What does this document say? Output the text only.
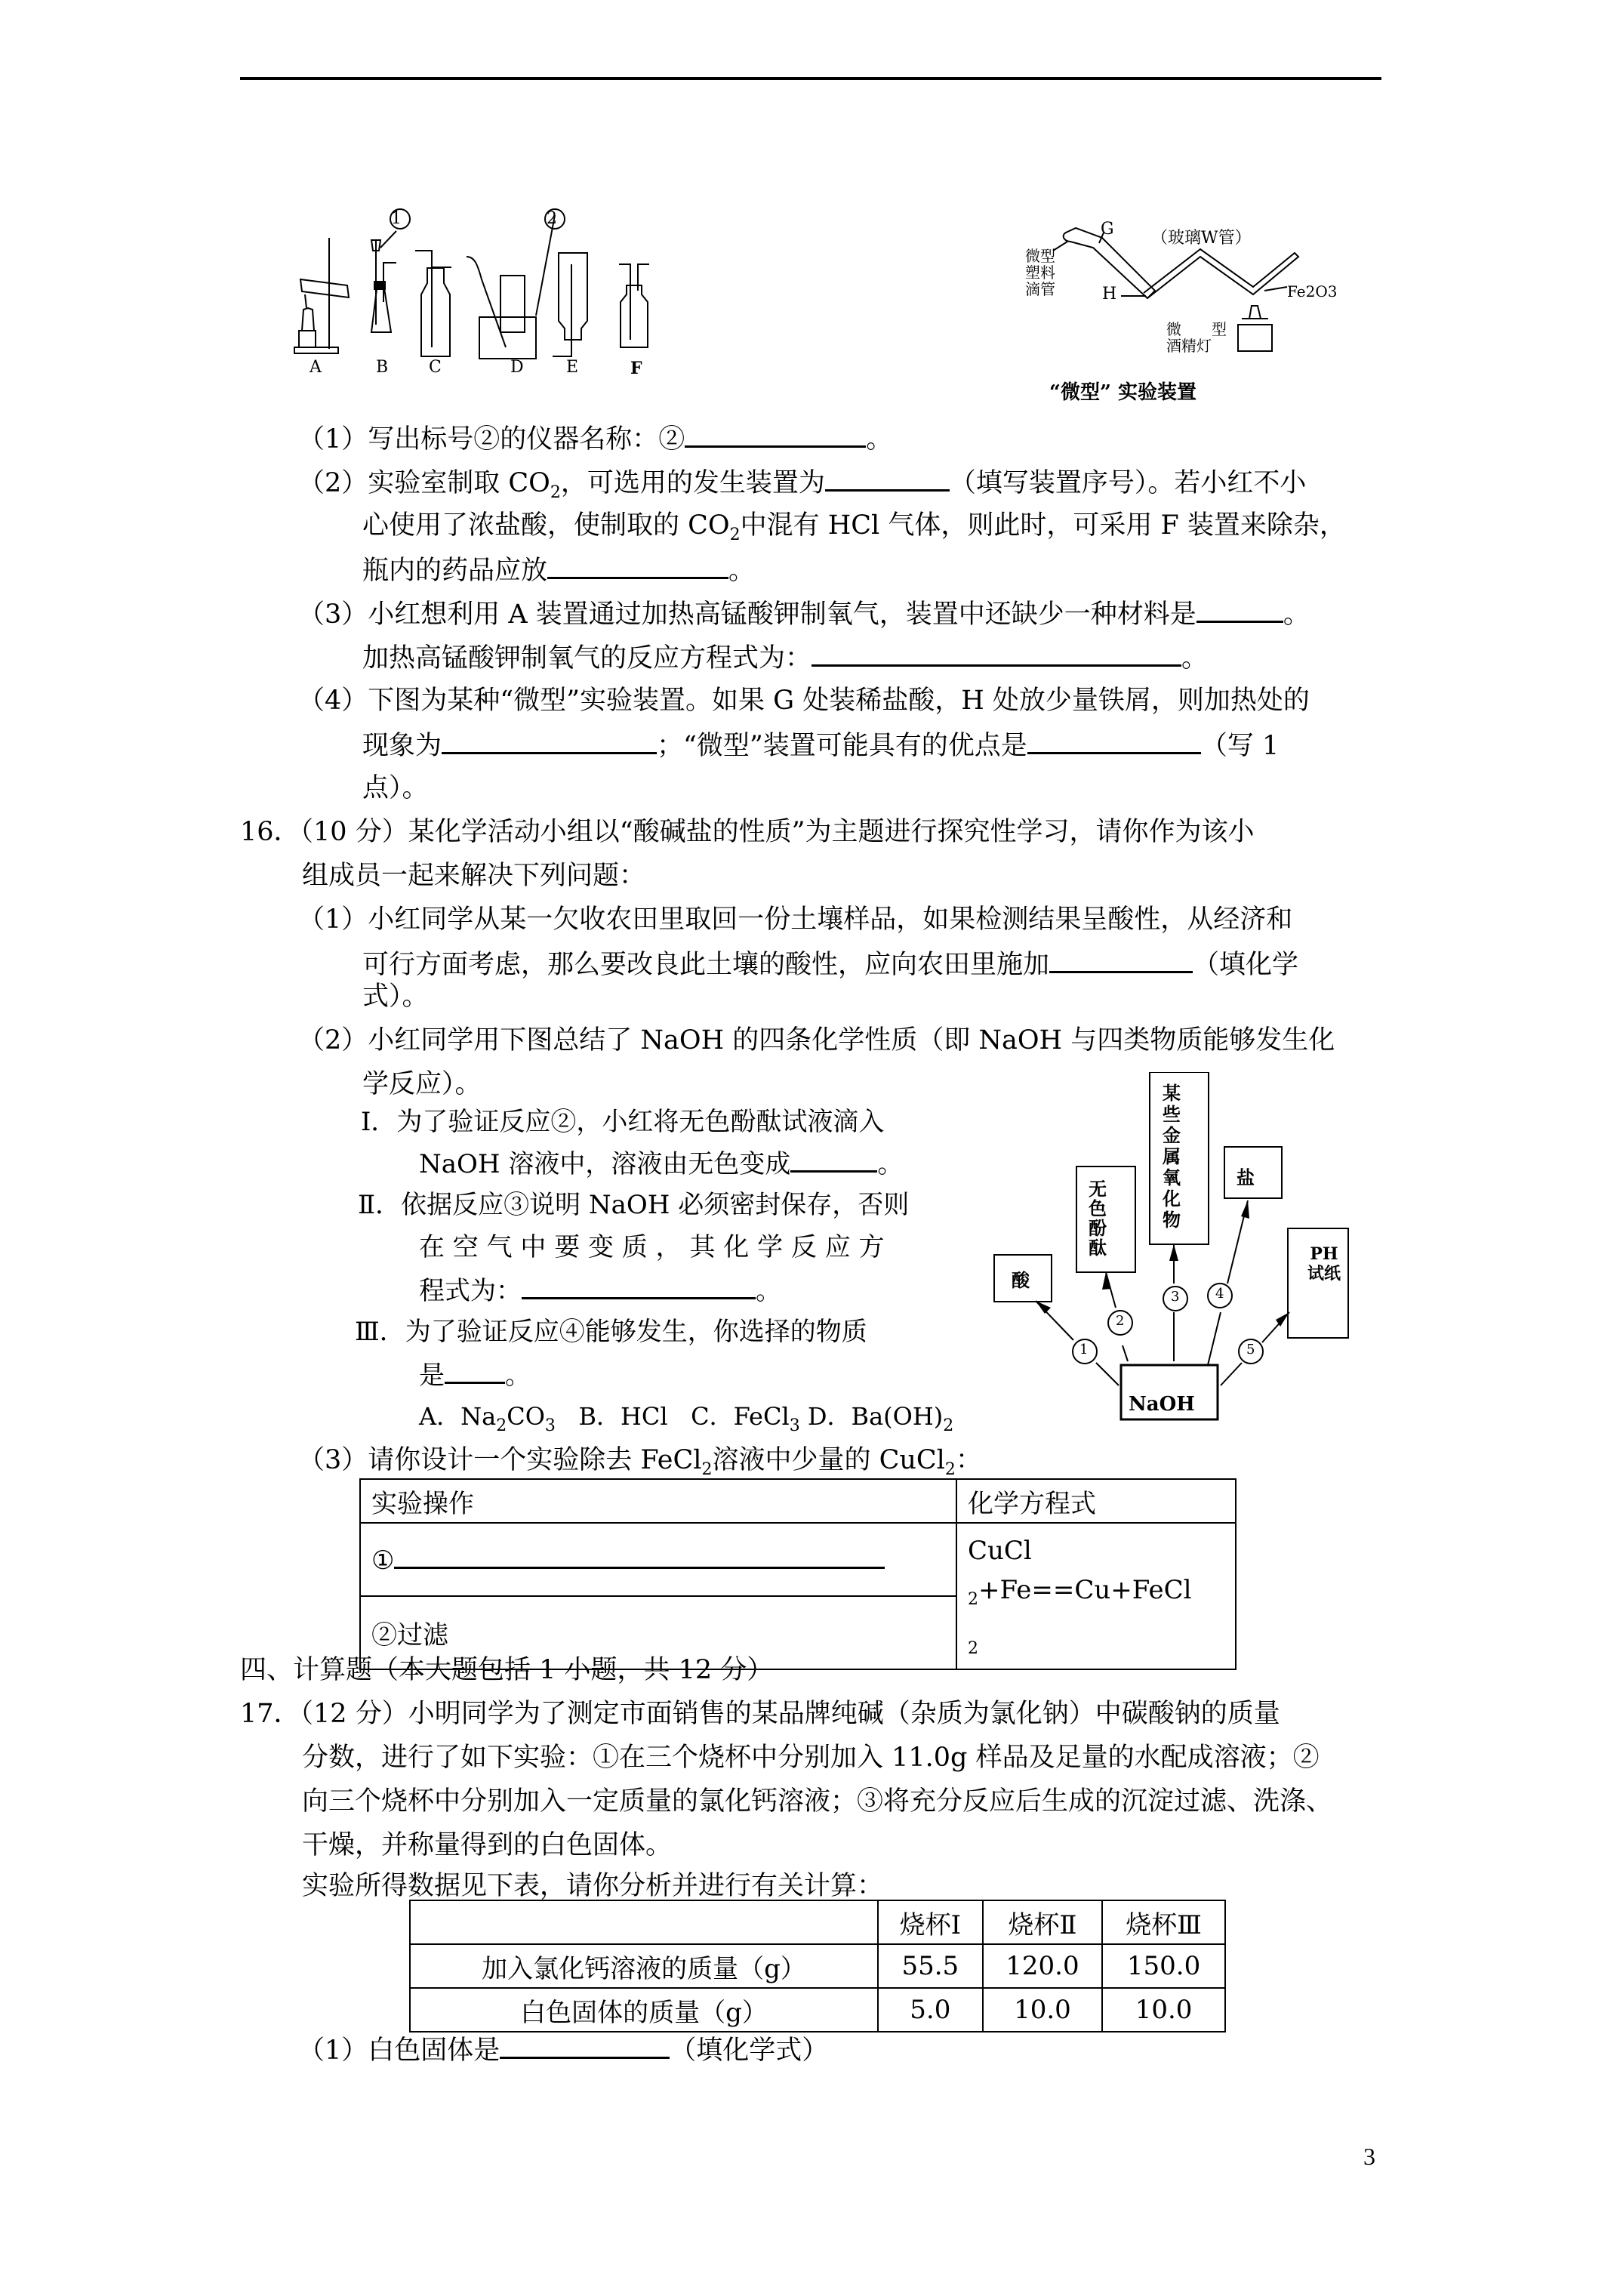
A
1
B C
2
D	E	F
G （玻璃W管）
微型
塑料
滴管	H	Fe2O3
微　　型
酒精灯
“微型” 实验装置
（1）写出标号②的仪器名称：②	。
（2）实验室制取 $CO_2$，可选用的发生装置为	（填写装置序号）。若小红不小
心使用了浓盐酸，使制取的 $CO_2$中混有 HCl 气体，则此时，可采用 F 装置来除杂，
瓶内的药品应放	。
（3）小红想利用 A 装置通过加热高锰酸钾制氧气，装置中还缺少一种材料是	。
加热高锰酸钾制氧气的反应方程式为：	。
（4）下图为某种“微型”实验装置。如果 G 处装稀盐酸，H 处放少量铁屑，则加热处的
现象为	；“微型”装置可能具有的优点是	（写 1
点）。
16．（10 分）某化学活动小组以“酸碱盐的性质”为主题进行探究性学习，请你作为该小
组成员一起来解决下列问题：
（1）小红同学从某一欠收农田里取回一份土壤样品，如果检测结果呈酸性，从经济和
可行方面考虑，那么要改良此土壤的酸性，应向农田里施加	（填化学
式）。
（2）小红同学用下图总结了 NaOH 的四条化学性质（即 NaOH 与四类物质能够发生化
学反应）。
Ⅰ．为了验证反应②，小红将无色酚酞试液滴入
NaOH 溶液中，溶液由无色变成	。
Ⅱ．依据反应③说明 NaOH 必须密封保存，否则
在 空 气 中 要 变 质 ， 其 化 学 反 应 方
程式为：	。
Ⅲ．为了验证反应④能够发生，你选择的物质
是 。
A．$Na_2CO_3$ B．HCl C．FeCl$_3$ D．$Ba(OH)_2$
NaOH
酸
无色酚酞
某些金属氧化物
盐
PH试纸
1
2
3	4
5
（3）请你设计一个实验除去 FeCl$_2$溶液中少量的 CuCl$_2$：
实验操作	化学方程式
①	CuCl $_2$+Fe==Cu+FeCl
$_2$
②过滤	
四、计算题（本大题包括 1 小题，共 12 分）
17．（12 分）小明同学为了测定市面销售的某品牌纯碱（杂质为氯化钠）中碳酸钠的质量
分数，进行了如下实验：①在三个烧杯中分别加入 11.0g 样品及足量的水配成溶液；②
向三个烧杯中分别加入一定质量的氯化钙溶液；③将充分反应后生成的沉淀过滤、洗涤、
干燥，并称量得到的白色固体。
实验所得数据见下表，请你分析并进行有关计算：
	烧杯Ⅰ	烧杯Ⅱ	烧杯Ⅲ
加入氯化钙溶液的质量（g）	55.5	120.0	150.0
白色固体的质量（g）	5.0	10.0	10.0
（1）白色固体是	（填化学式）
3
